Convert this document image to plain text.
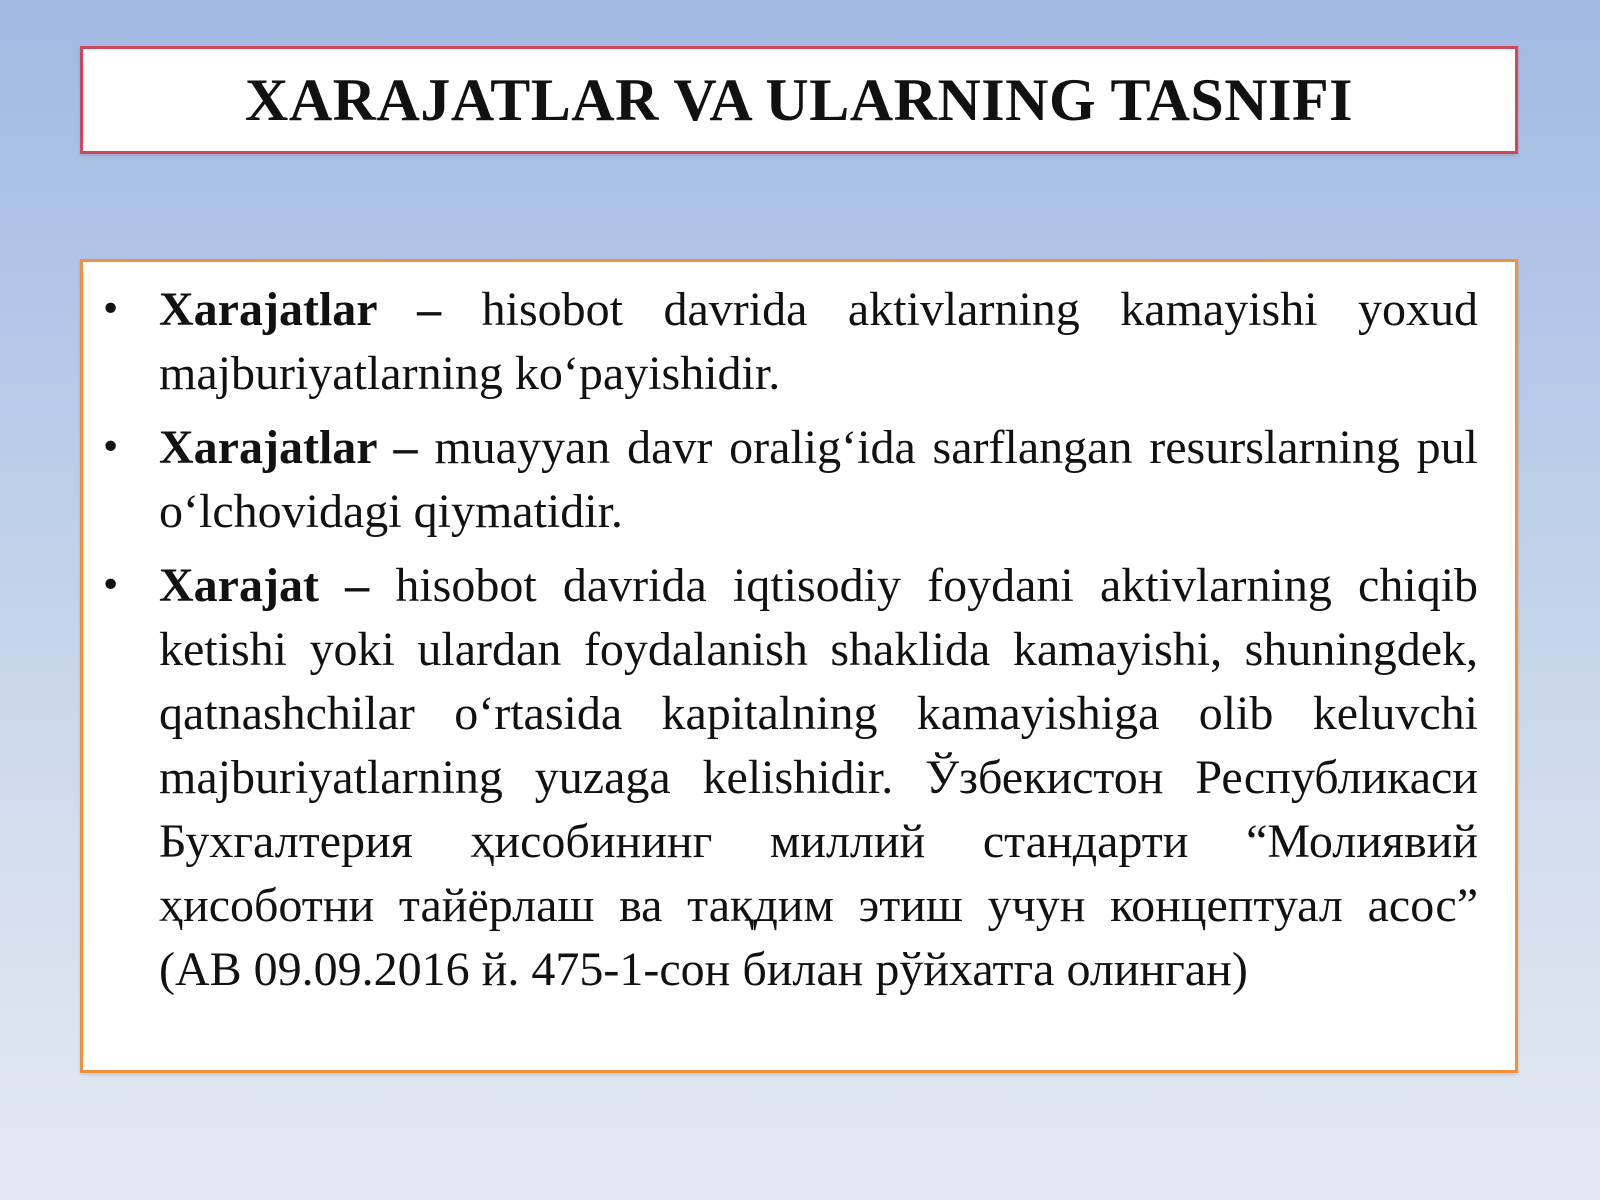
XARAJATLAR VA ULARNING TASNIFI
• Xarajatlar – hisobot davrida aktivlarning kamayishi yoxud majburiyatlarning ko‘payishidir.
• Xarajatlar – muayyan davr oralig‘ida sarflangan resurslarning pul o‘lchovidagi qiymatidir.
• Xarajat – hisobot davrida iqtisodiy foydani aktivlarning chiqib ketishi yoki ulardan foydalanish shaklida kamayishi, shuningdek, qatnashchilar o‘rtasida kapitalning kamayishiga olib keluvchi majburiyatlarning yuzaga kelishidir. Ўзбекистон Республикаси Бухгалтерия ҳисобининг миллий стандарти “Молиявий ҳисоботни тайёрлаш ва тақдим этиш учун концептуал асос” (АВ 09.09.2016 й. 475-1-сон билан рўйхатга олинган)
